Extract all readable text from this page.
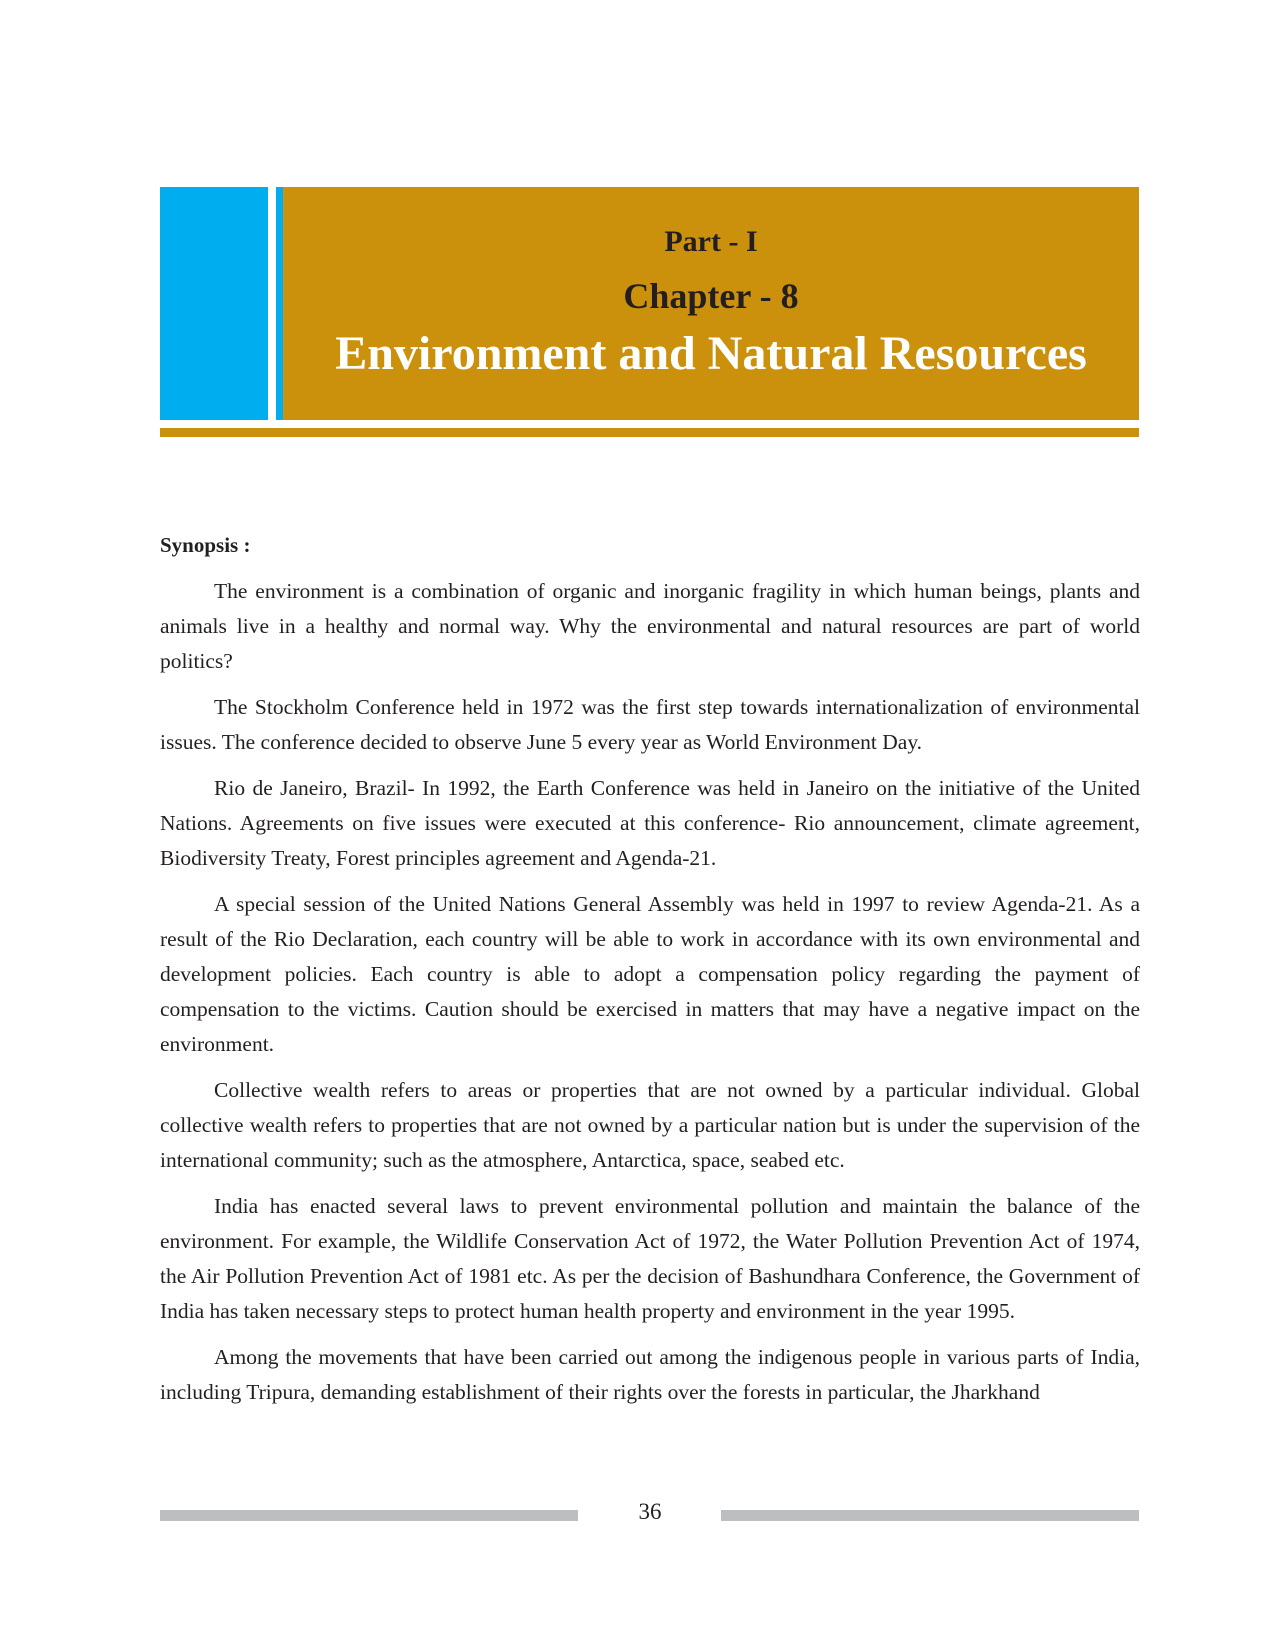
Part - I
Chapter - 8
Environment and Natural Resources
Synopsis :

The environment is a combination of organic and inorganic fragility in which human beings, plants and animals live in a healthy and normal way. Why the environmental and natural resources are part of world politics?

The Stockholm Conference held in 1972 was the first step towards internationalization of environmental issues. The conference decided to observe June 5 every year as World Environment Day.

Rio de Janeiro, Brazil- In 1992, the Earth Conference was held in Janeiro on the initiative of the United Nations. Agreements on five issues were executed at this conference- Rio announcement, climate agreement, Biodiversity Treaty, Forest principles agreement and Agenda-21.

A special session of the United Nations General Assembly was held in 1997 to review Agenda-21. As a result of the Rio Declaration, each country will be able to work in accordance with its own environmental and development policies. Each country is able to adopt a compensation policy regarding the payment of compensation to the victims. Caution should be exercised in matters that may have a negative impact on the environment.

Collective wealth refers to areas or properties that are not owned by a particular individual. Global collective wealth refers to properties that are not owned by a particular nation but is under the supervision of the international community; such as the atmosphere, Antarctica, space, seabed etc.

India has enacted several laws to prevent environmental pollution and maintain the balance of the environment. For example, the Wildlife Conservation Act of 1972, the Water Pollution Prevention Act of 1974, the Air Pollution Prevention Act of 1981 etc. As per the decision of Bashundhara Conference, the Government of India has taken necessary steps to protect human health property and environment in the year 1995.

Among the movements that have been carried out among the indigenous people in various parts of India, including Tripura, demanding establishment of their rights over the forests in particular, the Jharkhand

36
